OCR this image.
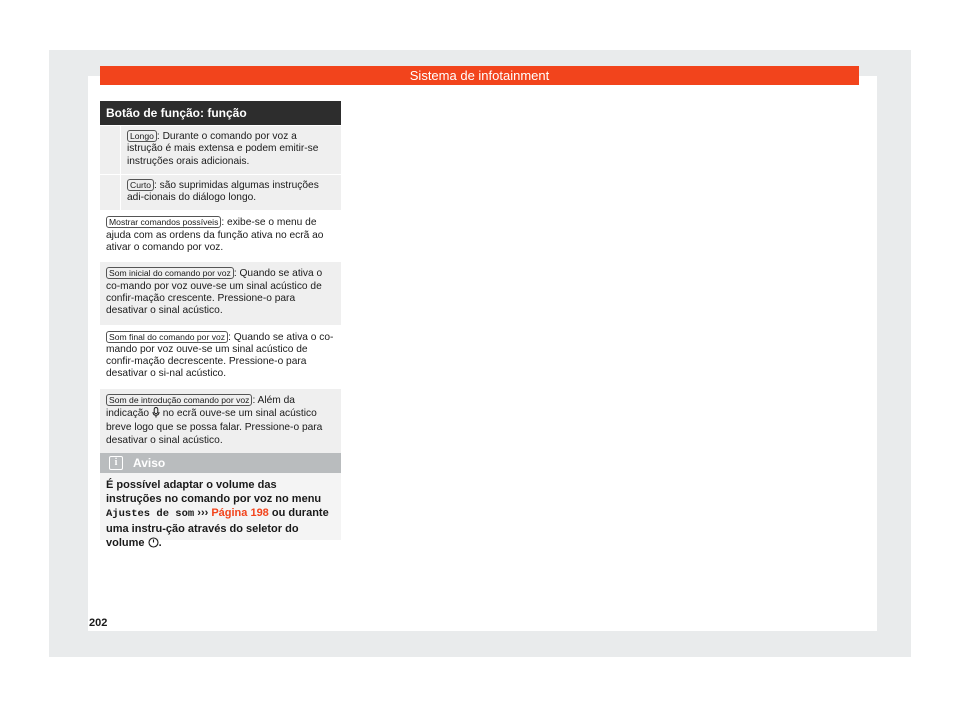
Sistema de infotainment
Botão de função: função
Longo : Durante o comando por voz a istrução é mais extensa e podem emitir-se instruções orais adicionais.
Curto : são suprimidas algumas instruções adi-cionais do diálogo longo.
Mostrar comandos possíveis : exibe-se o menu de ajuda com as ordens da função ativa no ecrã ao ativar o comando por voz.
Som inicial do comando por voz : Quando se ativa o co-mando por voz ouve-se um sinal acústico de confir-mação crescente. Pressione-o para desativar o sinal acústico.
Som final do comando por voz : Quando se ativa o co-mando por voz ouve-se um sinal acústico de confir-mação decrescente. Pressione-o para desativar o si-nal acústico.
Som de introdução comando por voz : Além da indicação  no ecrã ouve-se um sinal acústico breve logo que se possa falar. Pressione-o para desativar o sinal acústico.
i	Aviso
É possível adaptar o volume das instruções no comando por voz no menu Ajustes de som ››› Página 198 ou durante uma instru-ção através do seletor do volume .
202
